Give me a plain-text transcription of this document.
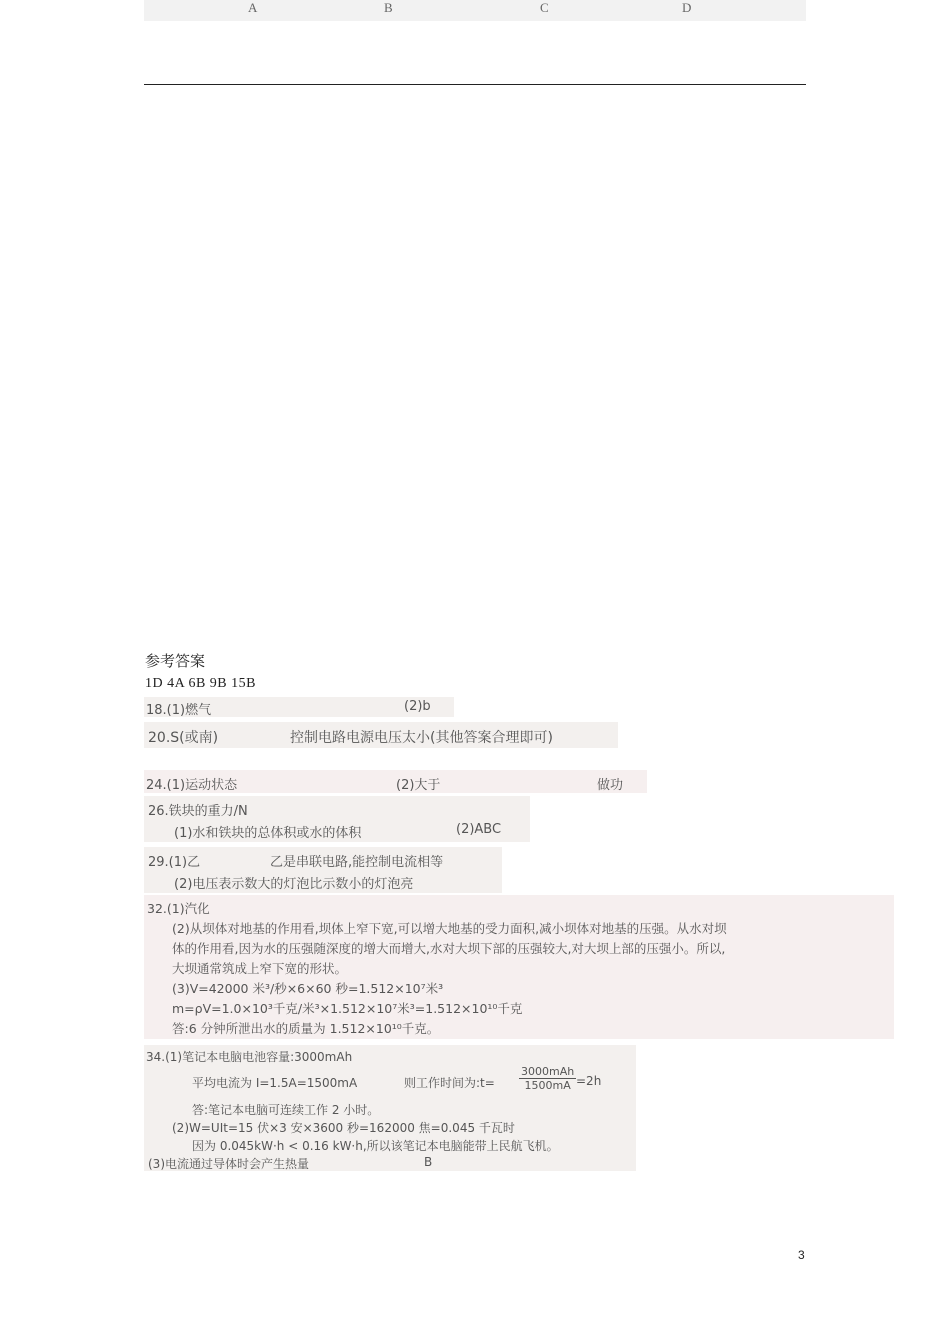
A	B	C	D
参考答案
1D 4A 6B 9B 15B
18.(1)燃气	(2)b
20.S(或南)	控制电路电源电压太小(其他答案合理即可)
24.(1)运动状态	(2)大于	做功
26.铁块的重力/N
(1)水和铁块的总体积或水的体积	(2)ABC
29.(1)乙	乙是串联电路,能控制电流相等
(2)电压表示数大的灯泡比示数小的灯泡亮
32.(1)汽化
(2)从坝体对地基的作用看,坝体上窄下宽,可以增大地基的受力面积,减小坝体对地基的压强。从水对坝
体的作用看,因为水的压强随深度的增大而增大,水对大坝下部的压强较大,对大坝上部的压强小。所以,
大坝通常筑成上窄下宽的形状。
(3)V=42000 米³/秒×6×60 秒=1.512×10⁷米³
m=ρV=1.0×10³千克/米³×1.512×10⁷米³=1.512×10¹⁰千克
答:6 分钟所泄出水的质量为 1.512×10¹⁰千克。
34.(1)笔记本电脑电池容量:3000mAh
平均电流为 I=1.5A=1500mA	则工作时间为:t= $\frac{\text{3000mAh}}{1500mA} =2h$
答:笔记本电脑可连续工作 2 小时。
(2)W=UIt=15 伏×3 安×3600 秒=162000 焦=0.045 千瓦时
因为 0.045kW·h < 0.16 kW·h,所以该笔记本电脑能带上民航飞机。
(3)电流通过导体时会产生热量	B
3
